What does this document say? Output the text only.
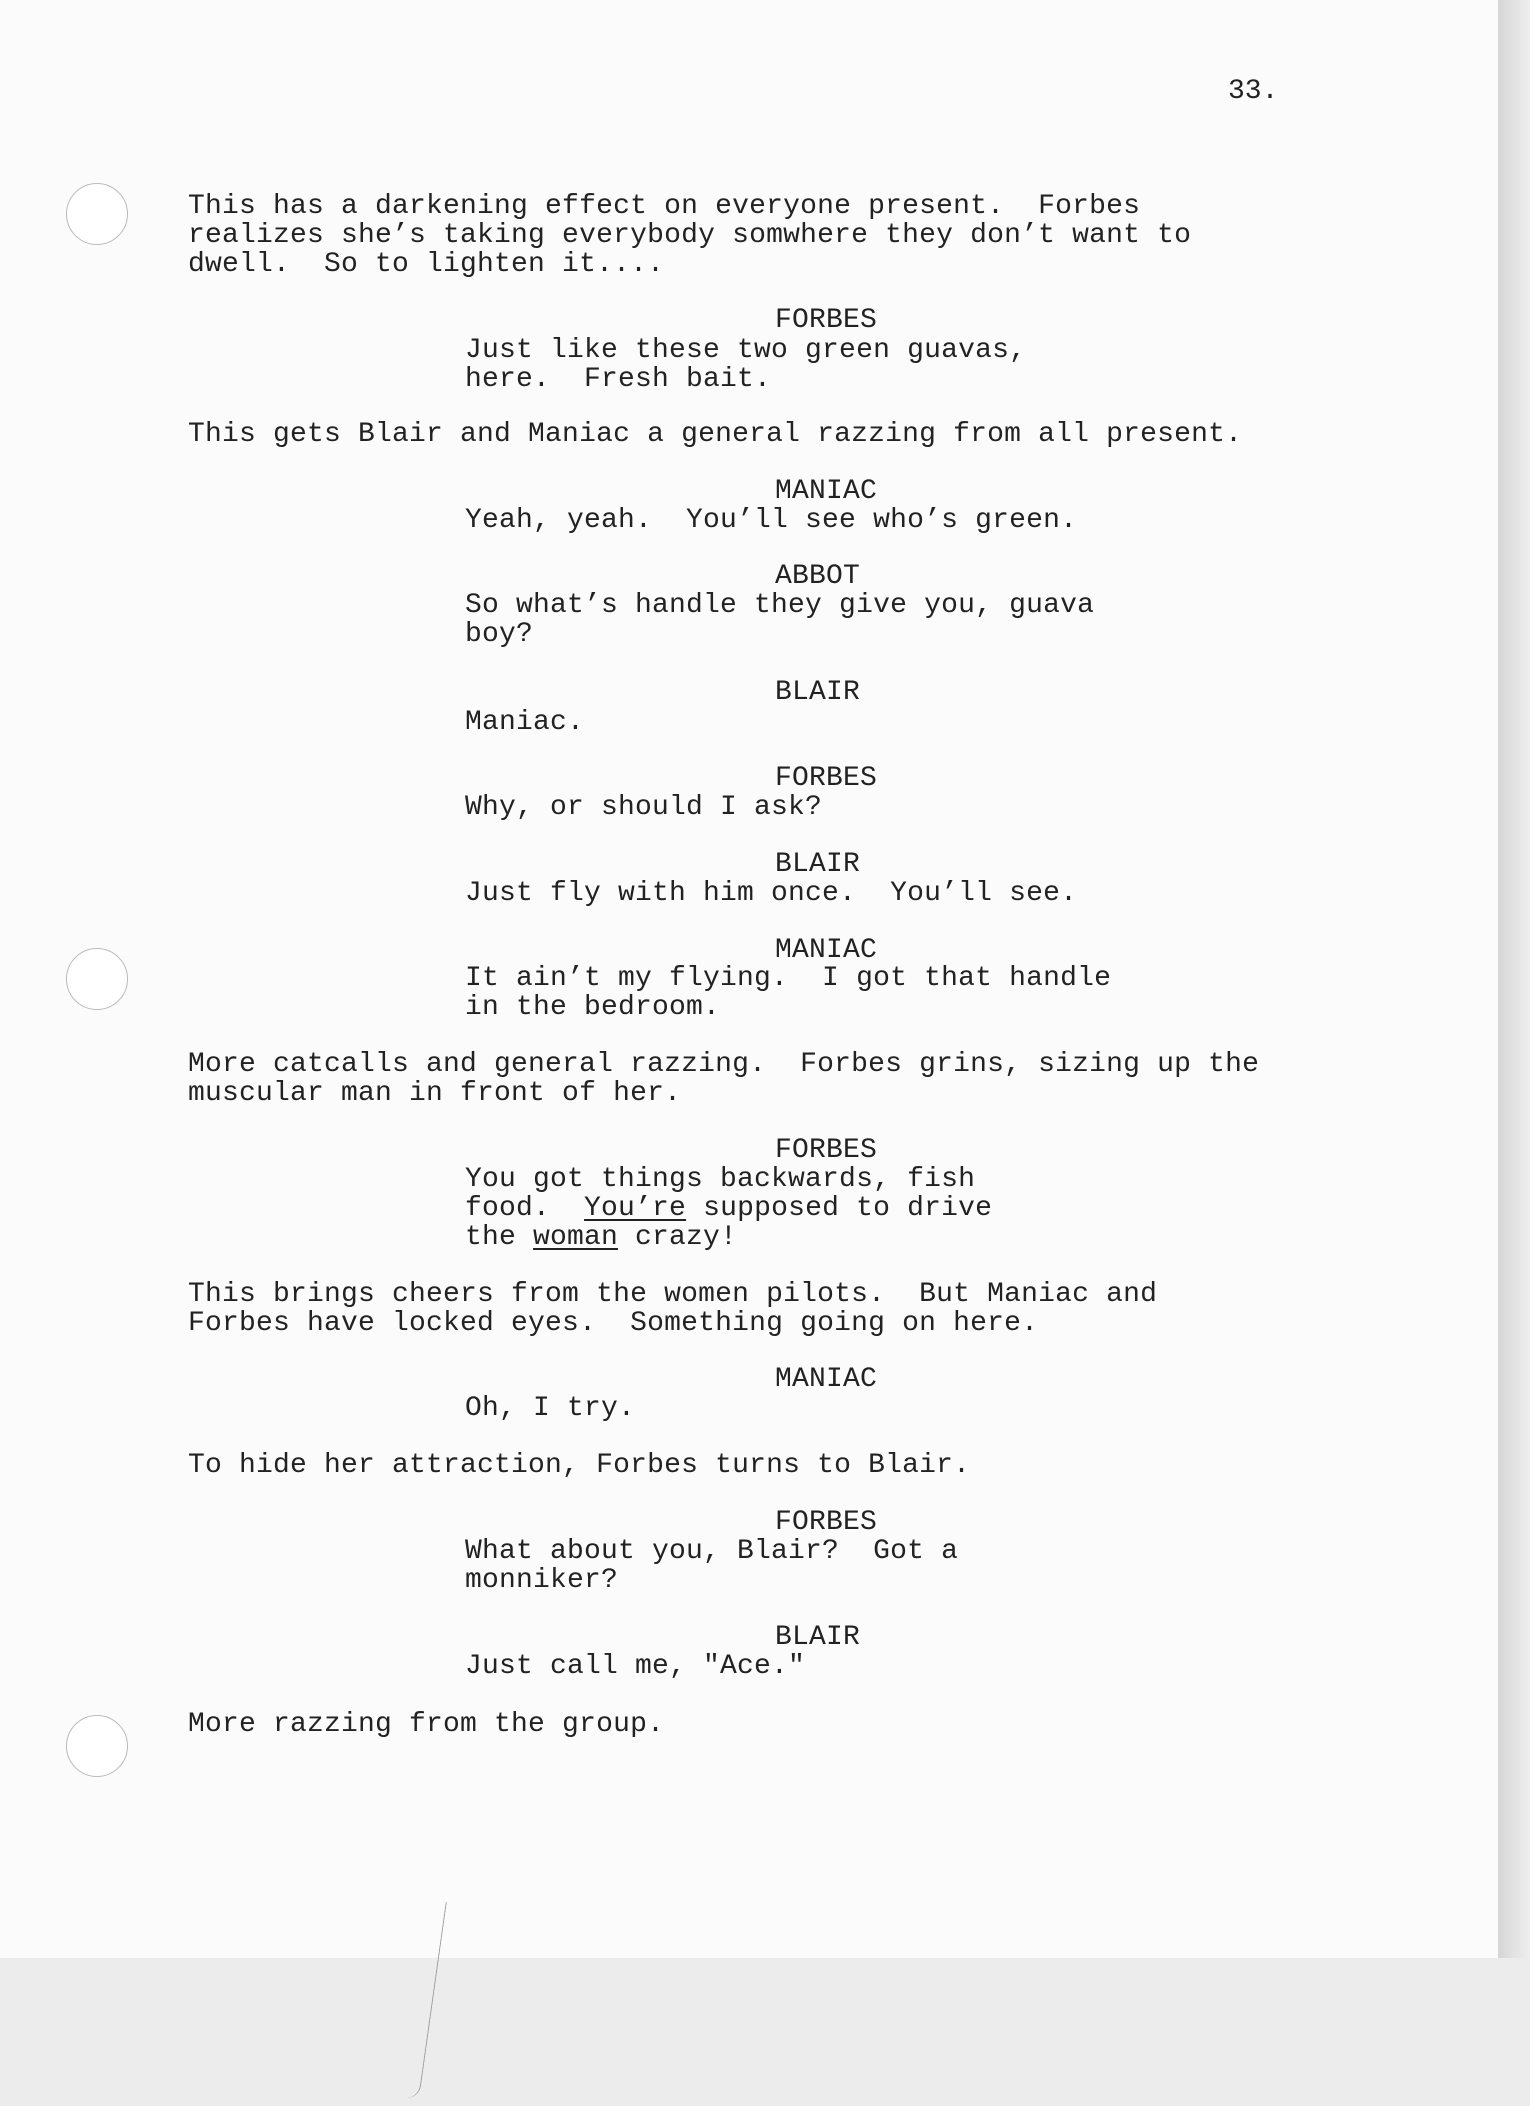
33.

This has a darkening effect on everyone present.  Forbes

realizes she’s taking everybody somwhere they don’t want to

dwell.  So to lighten it....

FORBES

Just like these two green guavas,

here.  Fresh bait.

This gets Blair and Maniac a general razzing from all present.

MANIAC

Yeah, yeah.  You’ll see who’s green.

ABBOT

So what’s handle they give you, guava

boy?

BLAIR

Maniac.

FORBES

Why, or should I ask?

BLAIR

Just fly with him once.  You’ll see.

MANIAC

It ain’t my flying.  I got that handle

in the bedroom.

More catcalls and general razzing.  Forbes grins, sizing up the

muscular man in front of her.

FORBES

You got things backwards, fish

food.  You’re supposed to drive

the woman crazy!

This brings cheers from the women pilots.  But Maniac and

Forbes have locked eyes.  Something going on here.

MANIAC

Oh, I try.

To hide her attraction, Forbes turns to Blair.

FORBES

What about you, Blair?  Got a

monniker?

BLAIR

Just call me, "Ace."

More razzing from the group.
